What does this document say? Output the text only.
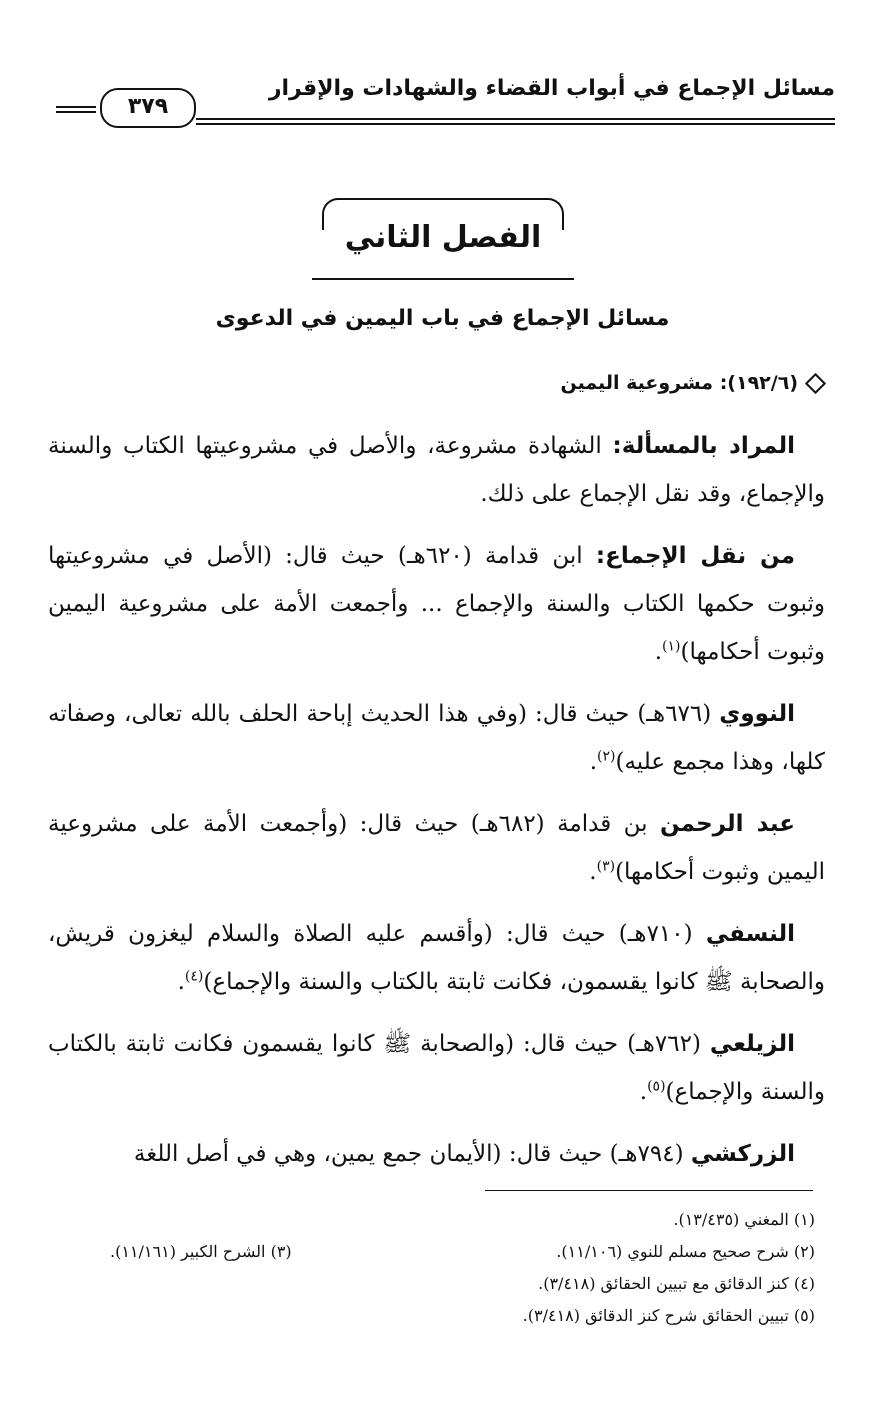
مسائل الإجماع في أبواب القضاء والشهادات والإقرار
٣٧٩
الفصل الثاني
مسائل الإجماع في باب اليمين في الدعوى
(١٩٢/٦): مشروعية اليمين

المراد بالمسألة: الشهادة مشروعة، والأصل في مشروعيتها الكتاب والسنة والإجماع، وقد نقل الإجماع على ذلك.

من نقل الإجماع: ابن قدامة (٦٢٠هـ) حيث قال: (الأصل في مشروعيتها وثبوت حكمها الكتاب والسنة والإجماع ... وأجمعت الأمة على مشروعية اليمين وثبوت أحكامها)$^{(١)}$.

النووي (٦٧٦هـ) حيث قال: (وفي هذا الحديث إباحة الحلف بالله تعالى، وصفاته كلها، وهذا مجمع عليه)$^{(٢)}$.

عبد الرحمن بن قدامة (٦٨٢هـ) حيث قال: (وأجمعت الأمة على مشروعية اليمين وثبوت أحكامها)$^{(٣)}$.

النسفي (٧١٠هـ) حيث قال: (وأقسم عليه الصلاة والسلام ليغزون قريش، والصحابة ﷺ كانوا يقسمون، فكانت ثابتة بالكتاب والسنة والإجماع)$^{(٤)}$.

الزيلعي (٧٦٢هـ) حيث قال: (والصحابة ﷺ كانوا يقسمون فكانت ثابتة بالكتاب والسنة والإجماع)$^{(٥)}$.

الزركشي (٧٩٤هـ) حيث قال: (الأيمان جمع يمين، وهي في أصل اللغة

(١) المغني (١٣/٤٣٥).
(٢) شرح صحيح مسلم للنوي (١١/١٠٦).
(٣) الشرح الكبير (١١/١٦١).
(٤) كنز الدقائق مع تبيين الحقائق (٣/٤١٨).
(٥) تبيين الحقائق شرح كنز الدقائق (٣/٤١٨).
